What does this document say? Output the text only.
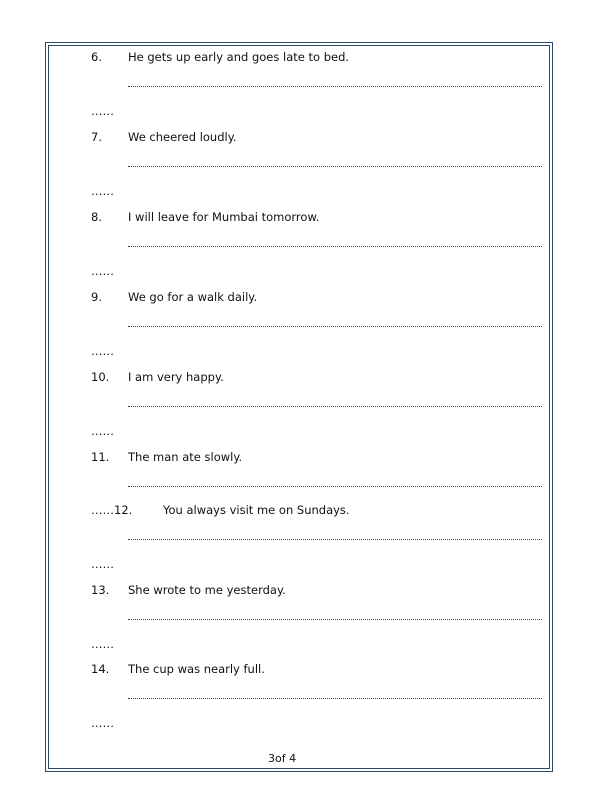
6. He gets up early and goes late to bed.
……
7. We cheered loudly.
……
8. I will leave for Mumbai tomorrow.
……
9. We go for a walk daily.
……
10. I am very happy.
……
11. The man ate slowly.
……12.	You always visit me on Sundays.
……
13. She wrote to me yesterday.
……
14. The cup was nearly full.
……
3of 4
